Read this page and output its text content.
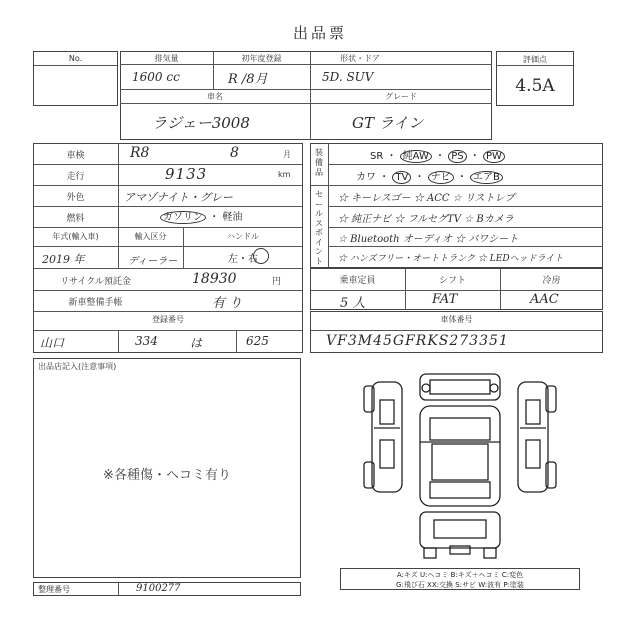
出品票
No.	排気量	初年度登録	形状・ドア
1600 cc	R /8月	5D. SUV
車名	グレード
ラジェー3008	GT ライン
評価点
4.5A
車検	R8	8	月
走行	9133	km
外色	アマゾナイト・グレー
燃料	ガソリン ・ 軽油
年式(輸入車)	輸入区分	ハンドル
2019 年	ディーラー	左・右
リサイクル預託金	18930	円
新車整備手帳	有 り
登録番号
山口	334	は	625
装備品
セールスポイント
SR ・ 純AW ・ PS ・ PW
カワ ・ TV ・ ナビ ・ エアB
☆ キーレスゴー ☆ ACC ☆ リストレプ
☆ 純正ナビ ☆ フルセグTV ☆ Bカメラ
☆ Bluetooth オーディオ ☆ パワシート
☆ ハンズフリー・オートトランク ☆ LEDヘッドライト
乗車定員	シフト	冷房
5 人	FAT	AAC
車体番号
VF3M45GFRKS273351
出品店記入(注意事項)
※各種傷・ヘコミ有り
整理番号	9100277
A:キズ U:ヘコミ B:キズ＋ヘコミ C:変色
G:飛び石 XX:交換 S:サビ W:波有 P:塗装
